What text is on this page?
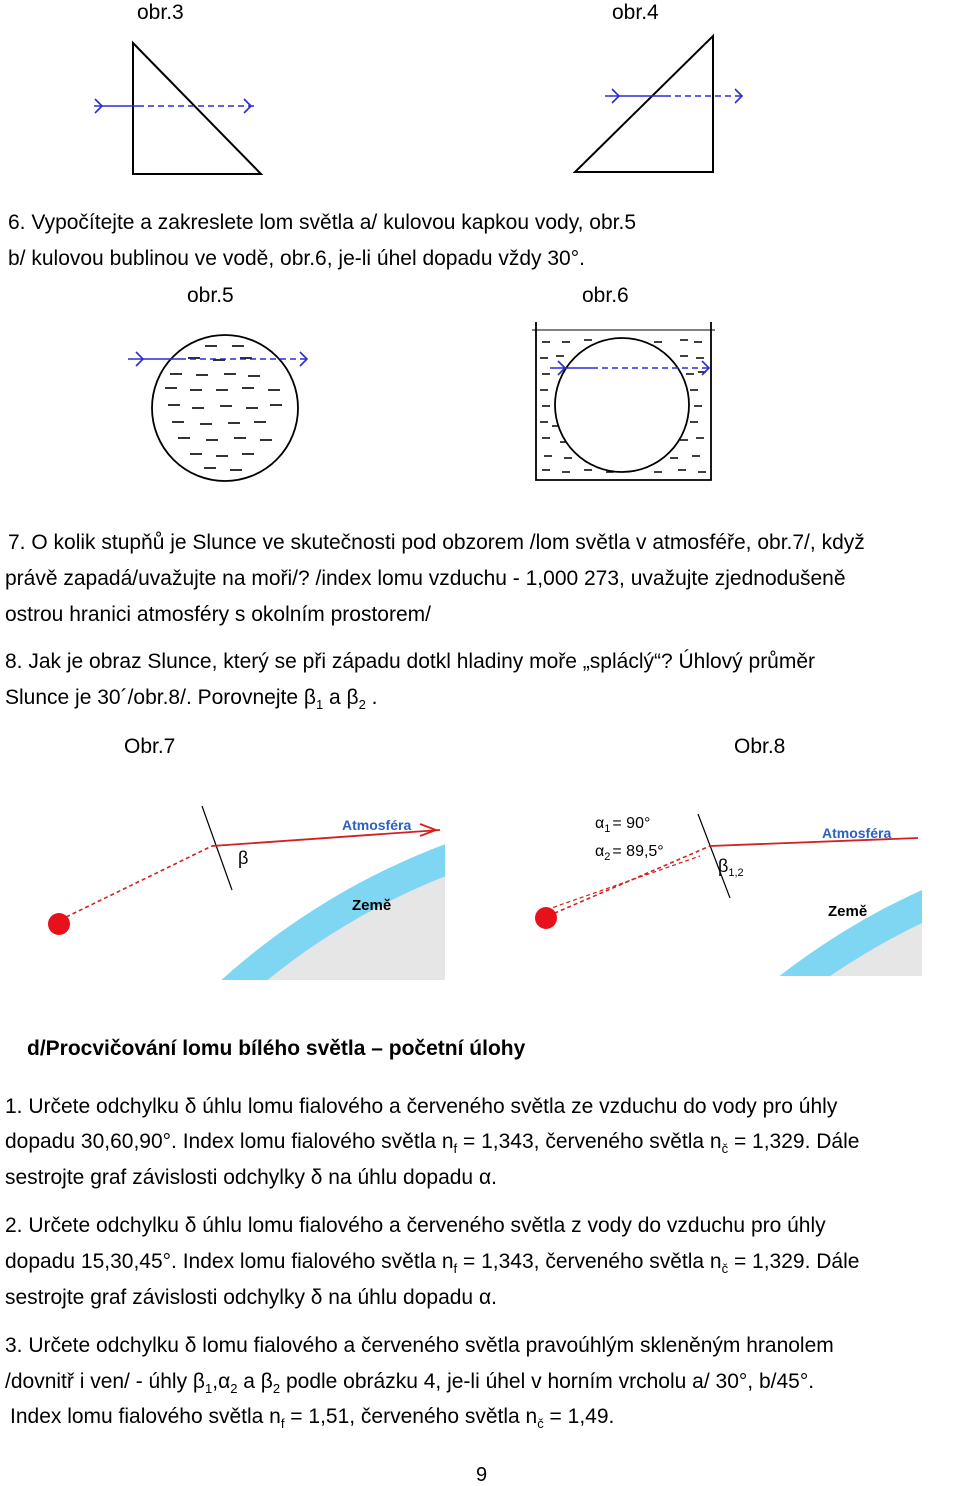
obr.3	obr.4
6. Vypočítejte a zakreslete lom světla a/ kulovou kapkou vody, obr.5
b/ kulovou bublinou ve vodě, obr.6, je-li úhel dopadu vždy 30°.
obr.5	obr.6
7. O kolik stupňů je Slunce ve skutečnosti pod obzorem /lom světla v atmosféře, obr.7/, když
právě zapadá/uvažujte na moři/? /index lomu vzduchu - 1,000 273, uvažujte zjednodušeně
ostrou hranici atmosféry s okolním prostorem/
8. Jak je obraz Slunce, který se při západu dotkl hladiny moře „spláclý“? Úhlový průměr
Slunce je 30´/obr.8/. Porovnejte $\beta_1$ a $\beta_2$ .
Obr.7	Obr.8
Atmosféra
Země
β
$\alpha_1 = 90^\circ$
$\alpha_2 = 89,5^\circ$
Atmosféra
Země
$\beta_{1,2}$
d/Procvičování lomu bílého světla – početní úlohy
1. Určete odchylku δ úhlu lomu fialového a červeného světla ze vzduchu do vody pro úhly
dopadu 30,60,90°. Index lomu fialového světla $n_f = 1,343$, červeného světla $n_č = 1,329$. Dále
sestrojte graf závislosti odchylky δ na úhlu dopadu α.
2. Určete odchylku δ úhlu lomu fialového a červeného světla z vody do vzduchu pro úhly
dopadu 15,30,45°. Index lomu fialového světla $n_f = 1,343$, červeného světla $n_č = 1,329$. Dále
sestrojte graf závislosti odchylky δ na úhlu dopadu α.
3. Určete odchylku δ lomu fialového a červeného světla pravoúhlým skleněným hranolem
/dovnitř i ven/ - úhly $\beta_1,\alpha_2$ a $\beta_2$ podle obrázku 4, je-li úhel v horním vrcholu a/ 30°, b/45°.
Index lomu fialového světla $n_f = 1,51$, červeného světla $n_č = 1,49$.
9
